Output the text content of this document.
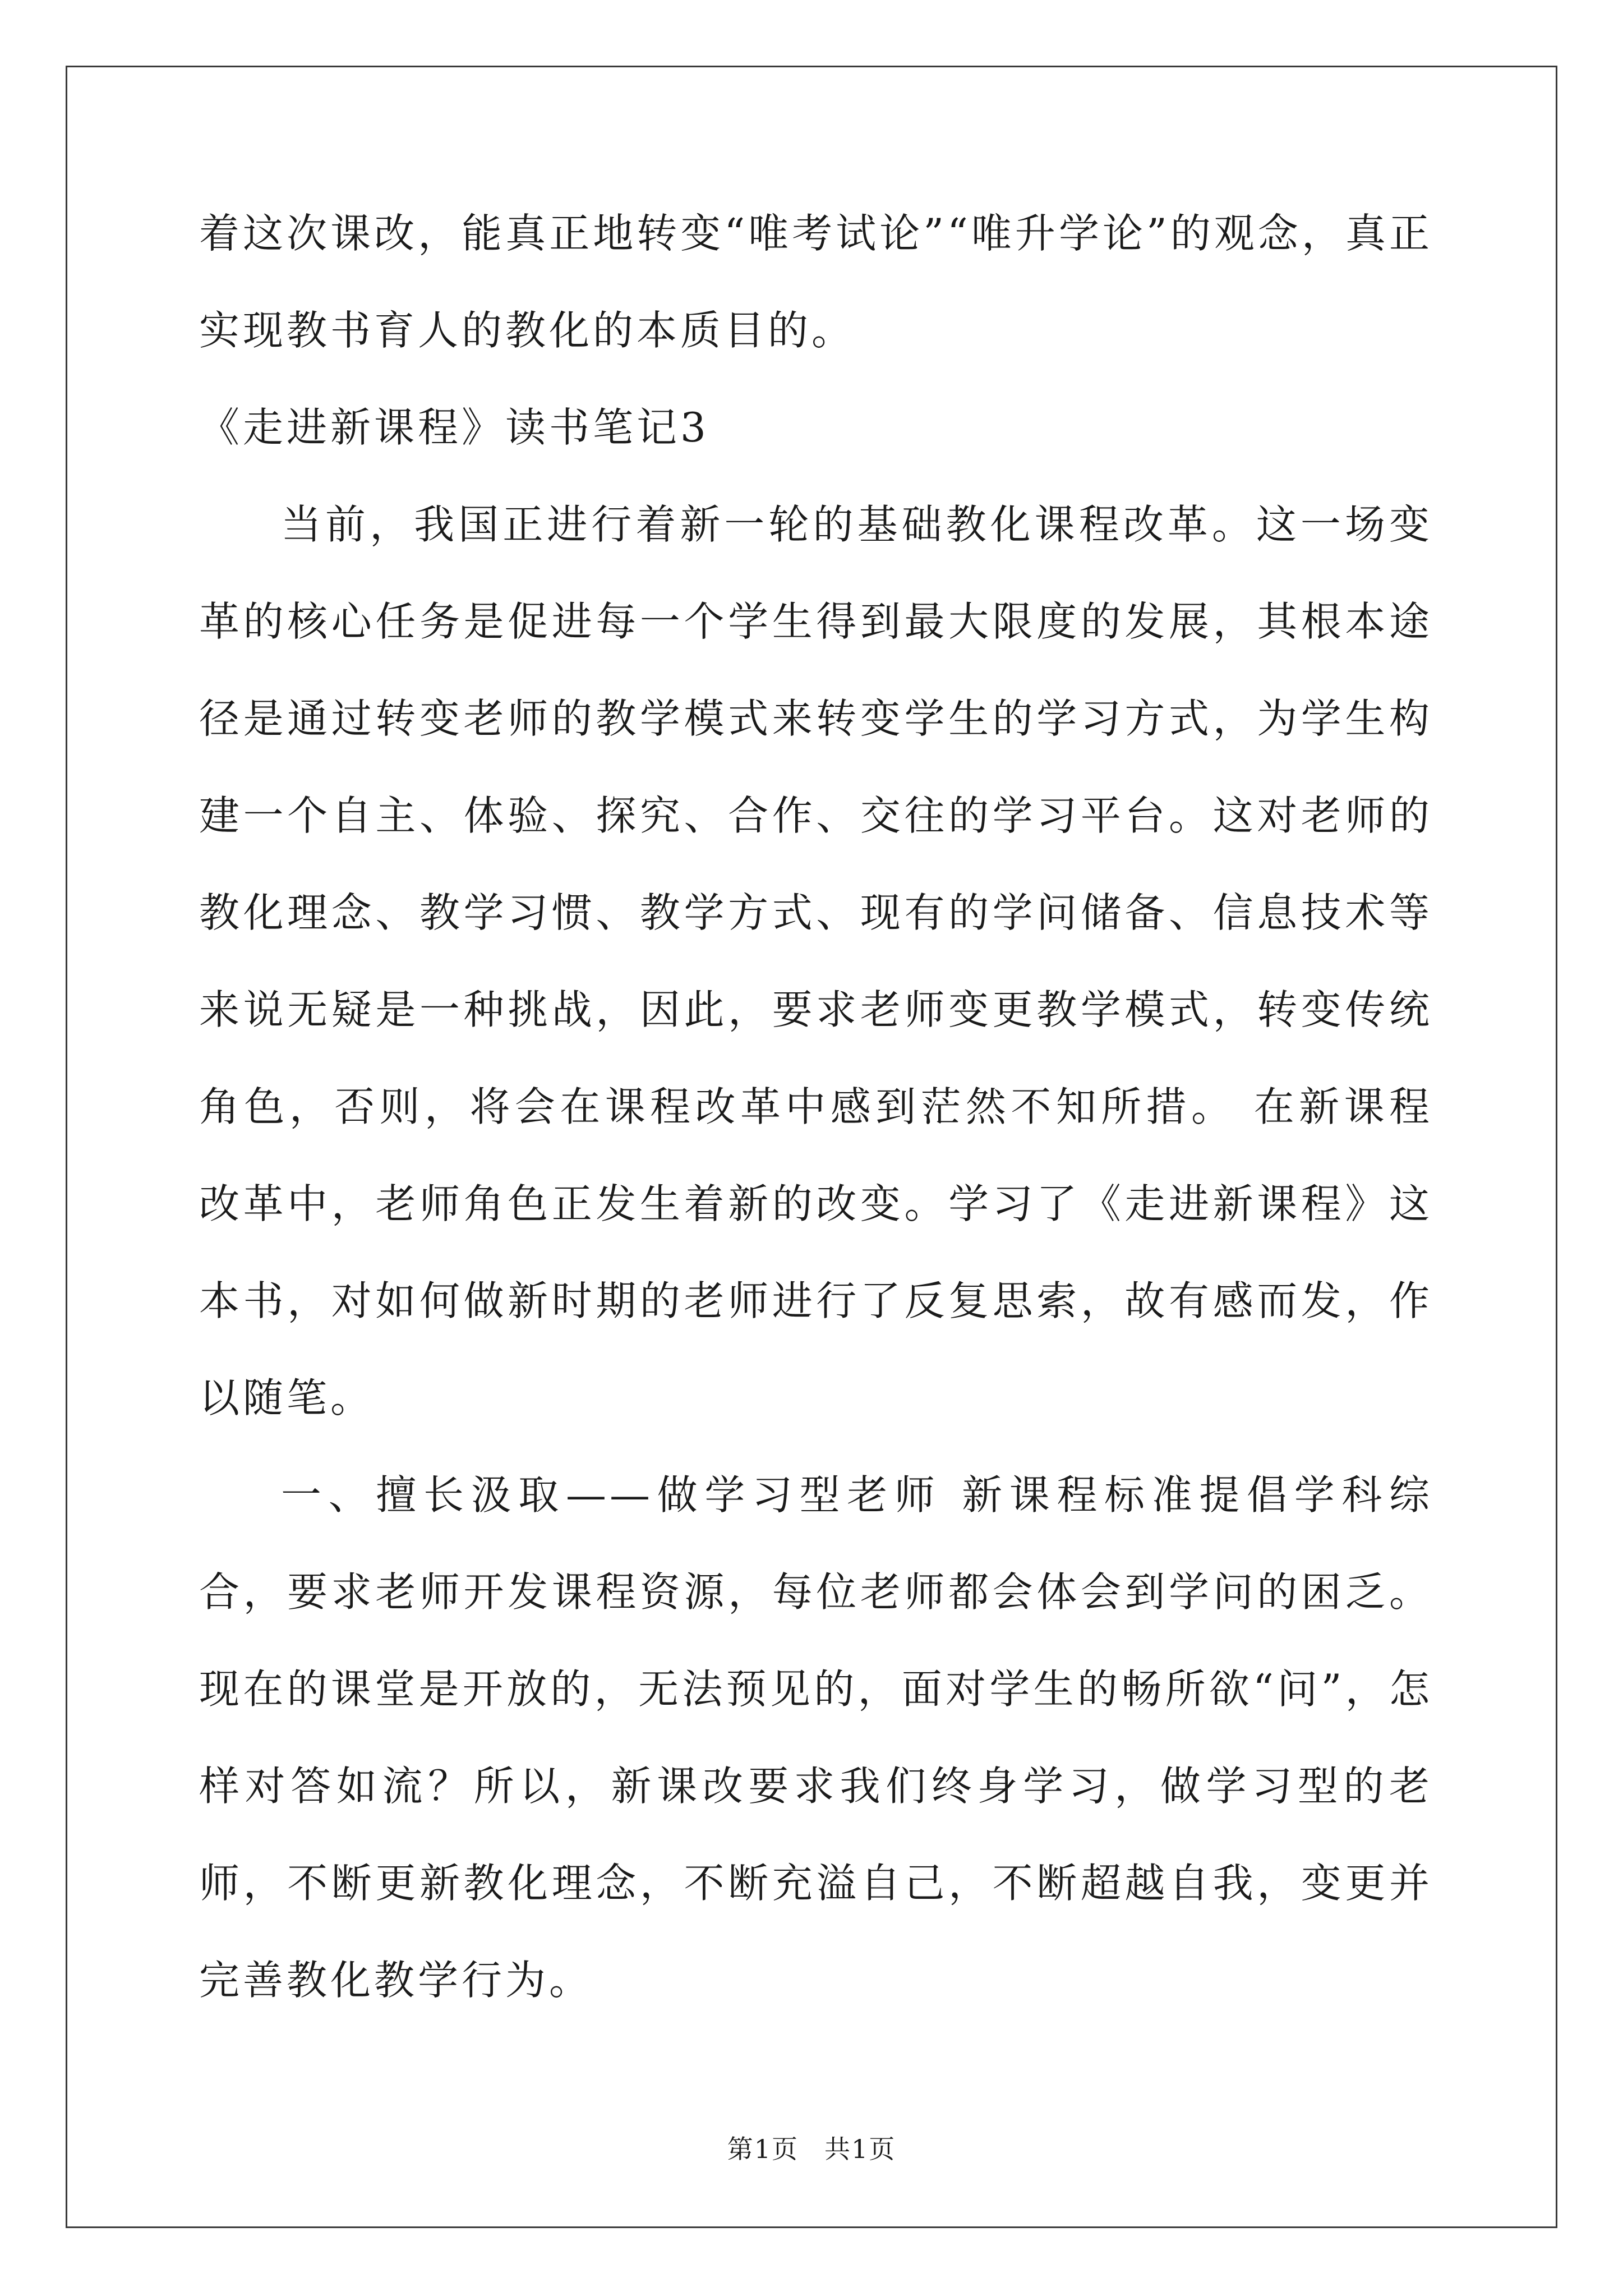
着这次课改，能真正地转变“唯考试论”“唯升学论”的观念，真正实现教书育人的教化的本质目的。

《走进新课程》读书笔记3

当前，我国正进行着新一轮的基础教化课程改革。这一场变革的核心任务是促进每一个学生得到最大限度的发展，其根本途径是通过转变老师的教学模式来转变学生的学习方式，为学生构建一个自主、体验、探究、合作、交往的学习平台。这对老师的教化理念、教学习惯、教学方式、现有的学问储备、信息技术等来说无疑是一种挑战，因此，要求老师变更教学模式，转变传统角色，否则，将会在课程改革中感到茫然不知所措。 在新课程改革中，老师角色正发生着新的改变。学习了《走进新课程》这本书，对如何做新时期的老师进行了反复思索，故有感而发，作以随笔。

一、擅长汲取——做学习型老师 新课程标准提倡学科综合，要求老师开发课程资源，每位老师都会体会到学问的困乏。现在的课堂是开放的，无法预见的，面对学生的畅所欲“问”，怎样对答如流？所以，新课改要求我们终身学习，做学习型的老师，不断更新教化理念，不断充溢自己，不断超越自我，变更并完善教化教学行为。

第1页 共1页
